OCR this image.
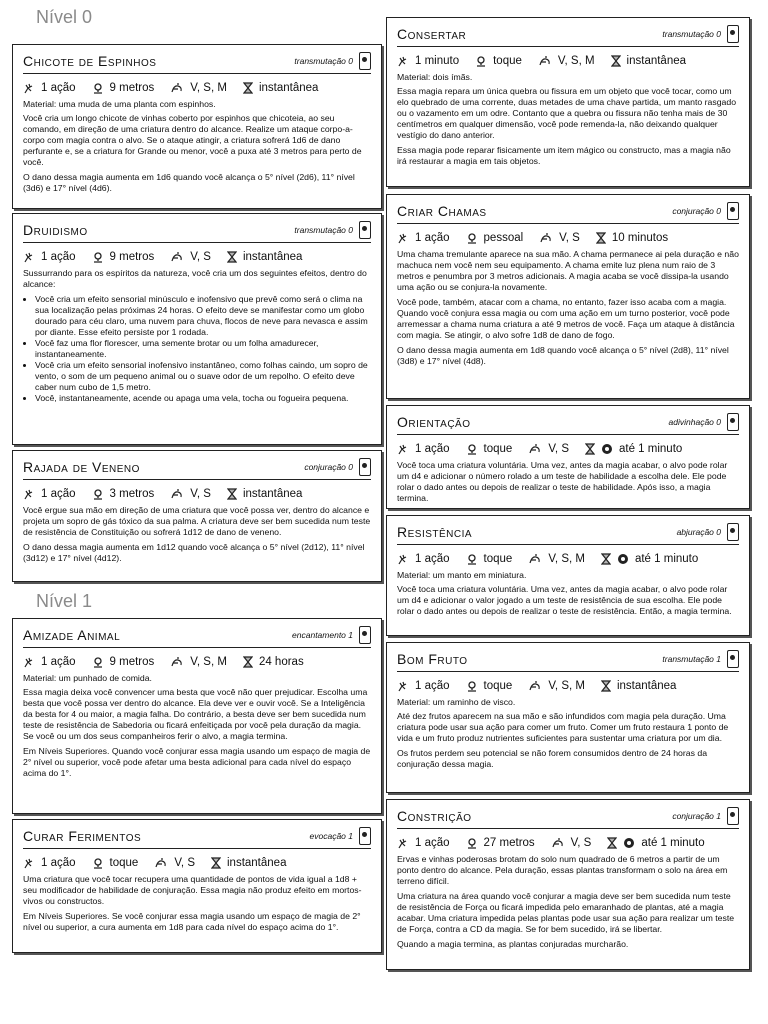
Nível 0
Chicote de Espinhos	transmutação 0
1 ação	9 metros	V, S, M	instantânea

Material: uma muda de uma planta com espinhos.

Você cria um longo chicote de vinhas coberto por espinhos que chicoteia, ao seu comando, em direção de uma criatura dentro do alcance. Realize um ataque corpo-a- corpo com magia contra o alvo. Se o ataque atingir, a criatura sofrerá 1d6 de dano perfurante e, se a criatura for Grande ou menor, você a puxa até 3 metros para perto de você.

O dano dessa magia aumenta em 1d6 quando você alcança o 5° nível (2d6), 11° nível (3d6) e 17° nível (4d6).

Druidismo	transmutação 0
1 ação	9 metros	V, S	instantânea

Sussurrando para os espíritos da natureza, você cria um dos seguintes efeitos, dentro do alcance:

• Você cria um efeito sensorial minúsculo e inofensivo que prevê como será o clima na sua localização pelas próximas 24 horas. O efeito deve se manifestar como um globo dourado para céu claro, uma nuvem para chuva, flocos de neve para nevasca e assim por diante. Esse efeito persiste por 1 rodada.
• Você faz uma flor florescer, uma semente brotar ou um folha amadurecer, instantaneamente.
• Você cria um efeito sensorial inofensivo instantâneo, como folhas caindo, um sopro de vento, o som de um pequeno animal ou o suave odor de um repolho. O efeito deve caber num cubo de 1,5 metro.
• Você, instantaneamente, acende ou apaga uma vela, tocha ou fogueira pequena.
Rajada de Veneno	conjuração 0
1 ação	3 metros	V, S	instantânea

Você ergue sua mão em direção de uma criatura que você possa ver, dentro do alcance e projeta um sopro de gás tóxico da sua palma. A criatura deve ser bem sucedida num teste de resistência de Constituição ou sofrerá 1d12 de dano de veneno.

O dano dessa magia aumenta em 1d12 quando você alcança o 5° nível (2d12), 11° nível (3d12) e 17° nível (4d12).

Nível 1
Amizade Animal	encantamento 1
1 ação	9 metros	V, S, M	24 horas

Material: um punhado de comida.

Essa magia deixa você convencer uma besta que você não quer prejudicar. Escolha uma besta que você possa ver dentro do alcance. Ela deve ver e ouvir você. Se a Inteligência da besta for 4 ou maior, a magia falha. Do contrário, a besta deve ser bem sucedida num teste de resistência de Sabedoria ou ficará enfeitiçada por você pela duração da magia. Se você ou um dos seus companheiros ferir o alvo, a magia termina.

Em Níveis Superiores. Quando você conjurar essa magia usando um espaço de magia de 2° nível ou superior, você pode afetar uma besta adicional para cada nível do espaço acima do 1°.

Curar Ferimentos	evocação 1
1 ação	toque	V, S	instantânea

Uma criatura que você tocar recupera uma quantidade de pontos de vida igual a 1d8 + seu modificador de habilidade de conjuração. Essa magia não produz efeito em mortos-vivos ou constructos.

Em Níveis Superiores. Se você conjurar essa magia usando um espaço de magia de 2° nível ou superior, a cura aumenta em 1d8 para cada nível do espaço acima do 1°.

Consertar	transmutação 0
1 minuto	toque	V, S, M	instantânea

Material: dois ímãs.

Essa magia repara um única quebra ou fissura em um objeto que você tocar, como um elo quebrado de uma corrente, duas metades de uma chave partida, um manto rasgado ou o vazamento em um odre. Contanto que a quebra ou fissura não tenha mais de 30 centímetros em qualquer dimensão, você pode remenda-la, não deixando qualquer vestígio do dano anterior.

Essa magia pode reparar fisicamente um item mágico ou constructo, mas a magia não irá restaurar a magia em tais objetos.

Criar Chamas	conjuração 0
1 ação	pessoal	V, S	10 minutos

Uma chama tremulante aparece na sua mão. A chama permanece ai pela duração e não machuca nem você nem seu equipamento. A chama emite luz plena num raio de 3 metros e penumbra por 3 metros adicionais. A magia acaba se você dissipa-la usando uma ação ou se conjura-la novamente.

Você pode, também, atacar com a chama, no entanto, fazer isso acaba com a magia. Quando você conjura essa magia ou com uma ação em um turno posterior, você pode arremessar a chama numa criatura a até 9 metros de você. Faça um ataque à distância com magia. Se atingir, o alvo sofre 1d8 de dano de fogo.

O dano dessa magia aumenta em 1d8 quando você alcança o 5° nível (2d8), 11° nível (3d8) e 17° nível (4d8).

Orientação	adivinhação 0
1 ação	toque	V, S	até 1 minuto

Você toca uma criatura voluntária. Uma vez, antes da magia acabar, o alvo pode rolar um d4 e adicionar o número rolado a um teste de habilidade a escolha dele. Ele pode rolar o dado antes ou depois de realizar o teste de habilidade. Após isso, a magia termina.

Resistência	abjuração 0
1 ação	toque	V, S, M	até 1 minuto

Material: um manto em miniatura.

Você toca uma criatura voluntária. Uma vez, antes da magia acabar, o alvo pode rolar um d4 e adicionar o valor jogado a um teste de resistência de sua escolha. Ele pode rolar o dado antes ou depois de realizar o teste de resistência. Então, a magia termina.

Bom Fruto	transmutação 1
1 ação	toque	V, S, M	instantânea

Material: um raminho de visco.

Até dez frutos aparecem na sua mão e são infundidos com magia pela duração. Uma criatura pode usar sua ação para comer um fruto. Comer um fruto restaura 1 ponto de vida e um fruto produz nutrientes suficientes para sustentar uma criatura por um dia.

Os frutos perdem seu potencial se não forem consumidos dentro de 24 horas da conjuração dessa magia.

Constrição	conjuração 1
1 ação	27 metros	V, S	até 1 minuto

Ervas e vinhas poderosas brotam do solo num quadrado de 6 metros a partir de um ponto dentro do alcance. Pela duração, essas plantas transformam o solo na área em terreno difícil.

Uma criatura na área quando você conjurar a magia deve ser bem sucedida num teste de resistência de Força ou ficará impedida pelo emaranhado de plantas, até a magia acabar. Uma criatura impedida pelas plantas pode usar sua ação para realizar um teste de Força, contra a CD da magia. Se for bem sucedido, irá se libertar.

Quando a magia termina, as plantas conjuradas murcharão.
